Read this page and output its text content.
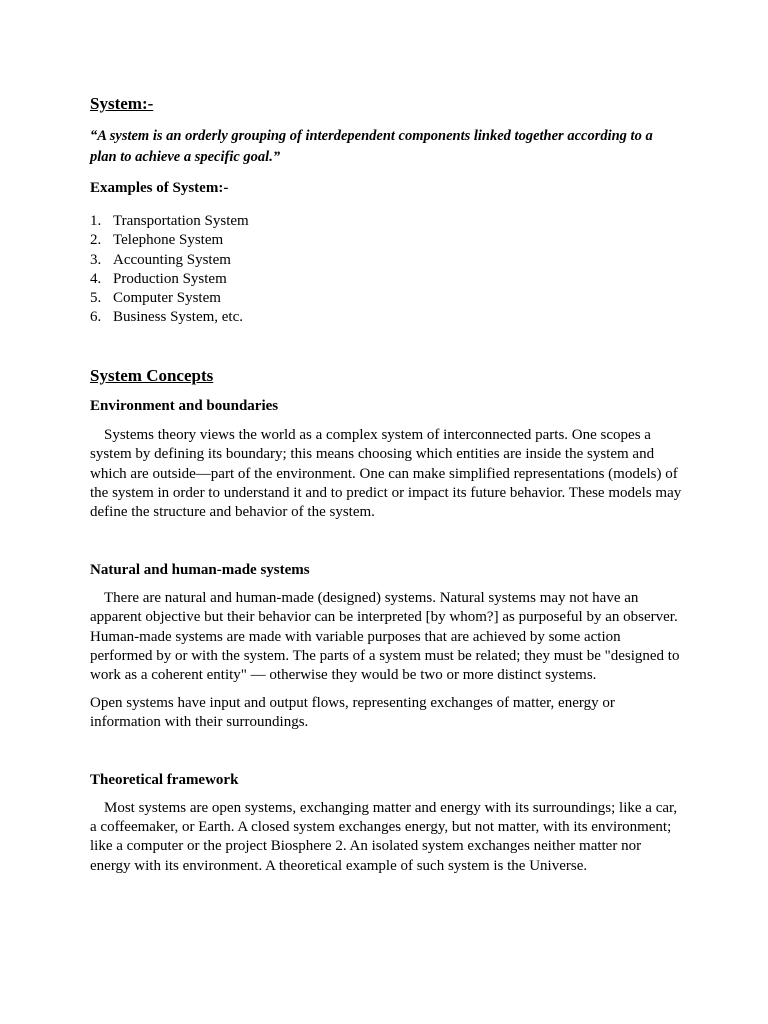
System:-

“A system is an orderly grouping of interdependent components linked together according to a plan to achieve a specific goal.”

Examples of System:-
1. Transportation System
2. Telephone System
3. Accounting System
4. Production System
5. Computer System
6. Business System, etc.
System Concepts
Environment and boundaries

Systems theory views the world as a complex system of interconnected parts. One scopes a system by defining its boundary; this means choosing which entities are inside the system and which are outside—part of the environment. One can make simplified representations (models) of the system in order to understand it and to predict or impact its future behavior. These models may define the structure and behavior of the system.

Natural and human-made systems

There are natural and human-made (designed) systems. Natural systems may not have an apparent objective but their behavior can be interpreted [by whom?] as purposeful by an observer. Human-made systems are made with variable purposes that are achieved by some action performed by or with the system. The parts of a system must be related; they must be "designed to work as a coherent entity" — otherwise they would be two or more distinct systems.

Open systems have input and output flows, representing exchanges of matter, energy or information with their surroundings.

Theoretical framework

Most systems are open systems, exchanging matter and energy with its surroundings; like a car, a coffeemaker, or Earth. A closed system exchanges energy, but not matter, with its environment; like a computer or the project Biosphere 2. An isolated system exchanges neither matter nor energy with its environment. A theoretical example of such system is the Universe.
